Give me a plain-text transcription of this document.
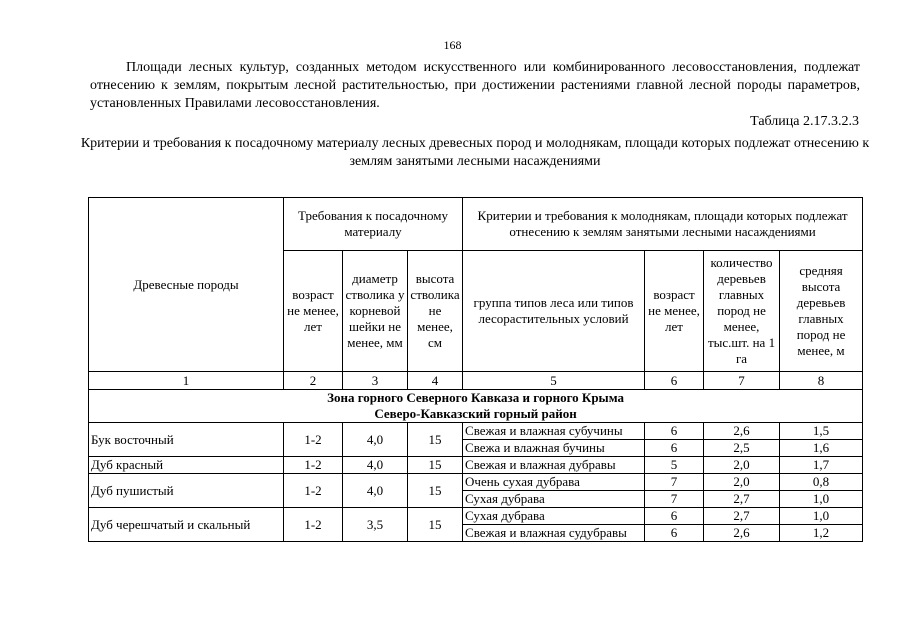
168

Площади лесных культур, созданных методом искусственного или комбинированного лесовосстановления, подлежат отнесению к землям, покрытым лесной растительностью, при достижении растениями главной лесной породы параметров, установленных Правилами лесовосстановления.

Таблица 2.17.3.2.3

Критерии и требования к посадочному материалу лесных древесных пород и молоднякам, площади которых подлежат отнесению к землям занятыми лесными насаждениями

Древесные породы	Требования к посадочному материалу			Критерии и требования к молоднякам, площади которых подлежат отнесению к землям занятыми лесными насаждениями			
	возраст не менее, лет	диаметр стволика у корневой шейки не менее, мм	высота стволика не менее, см	группа типов леса или типов лесорастительных условий	возраст не менее, лет	количество деревьев главных пород не менее, тыс.шт. на 1 га	средняя высота деревьев главных пород не менее, м
1	2	3	4	5	6	7	8

Зона горного Северного Кавказа и горного Крыма
Северо-Кавказский горный район							

Бук восточный	1-2	4,0	15	Свежая и влажная субучины	6	2,6	1,5
				Свежа и влажная бучины	6	2,5	1,6
Дуб красный	1-2	4,0	15	Свежая и влажная дубравы	5	2,0	1,7
Дуб пушистый	1-2	4,0	15	Очень сухая дубрава	7	2,0	0,8
				Сухая дубрава	7	2,7	1,0
Дуб черешчатый и скальный	1-2	3,5	15	Сухая дубрава	6	2,7	1,0
				Свежая и влажная судубравы	6	2,6	1,2
